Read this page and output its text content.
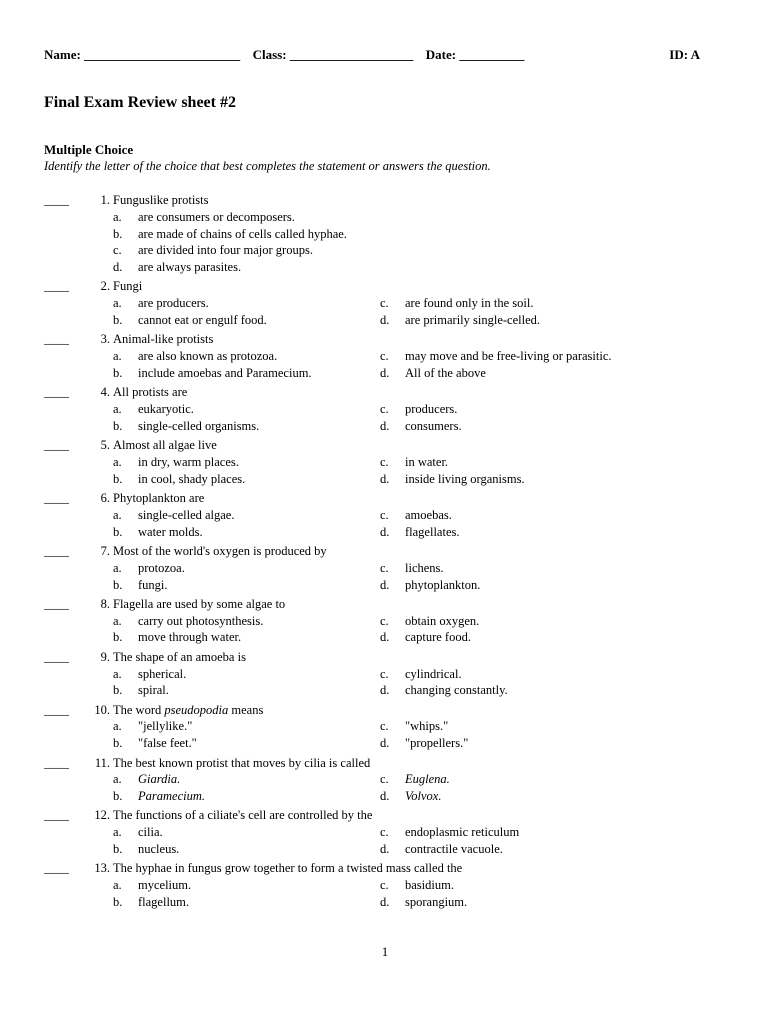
Name: ________________________ Class: ___________________ Date: __________	ID: A
Final Exam Review sheet #2
Multiple Choice
Identify the letter of the choice that best completes the statement or answers the question.
____	1. Funguslike protists
a. are consumers or decomposers.
b. are made of chains of cells called hyphae.
c. are divided into four major groups.
d. are always parasites.
____	2. Fungi
a. are producers.	c. are found only in the soil.
b. cannot eat or engulf food.	d. are primarily single-celled.
____	3. Animal-like protists
a. are also known as protozoa.	c. may move and be free-living or parasitic.
b. include amoebas and Paramecium.	d. All of the above
____	4. All protists are
a. eukaryotic.	c. producers.
b. single-celled organisms.	d. consumers.
____	5. Almost all algae live
a. in dry, warm places.	c. in water.
b. in cool, shady places.	d. inside living organisms.
____	6. Phytoplankton are
a. single-celled algae.	c. amoebas.
b. water molds.	d. flagellates.
____	7. Most of the world's oxygen is produced by
a. protozoa.	c. lichens.
b. fungi.	d. phytoplankton.
____	8. Flagella are used by some algae to
a. carry out photosynthesis.	c. obtain oxygen.
b. move through water.	d. capture food.
____	9. The shape of an amoeba is
a. spherical.	c. cylindrical.
b. spiral.	d. changing constantly.
____	10. The word pseudopodia means
a. "jellylike."	c. "whips."
b. "false feet."	d. "propellers."
____	11. The best known protist that moves by cilia is called
a. Giardia.	c. Euglena.
b. Paramecium.	d. Volvox.
____	12. The functions of a ciliate's cell are controlled by the
a. cilia.	c. endoplasmic reticulum
b. nucleus.	d. contractile vacuole.
____	13. The hyphae in fungus grow together to form a twisted mass called the
a. mycelium.	c. basidium.
b. flagellum.	d. sporangium.
1
